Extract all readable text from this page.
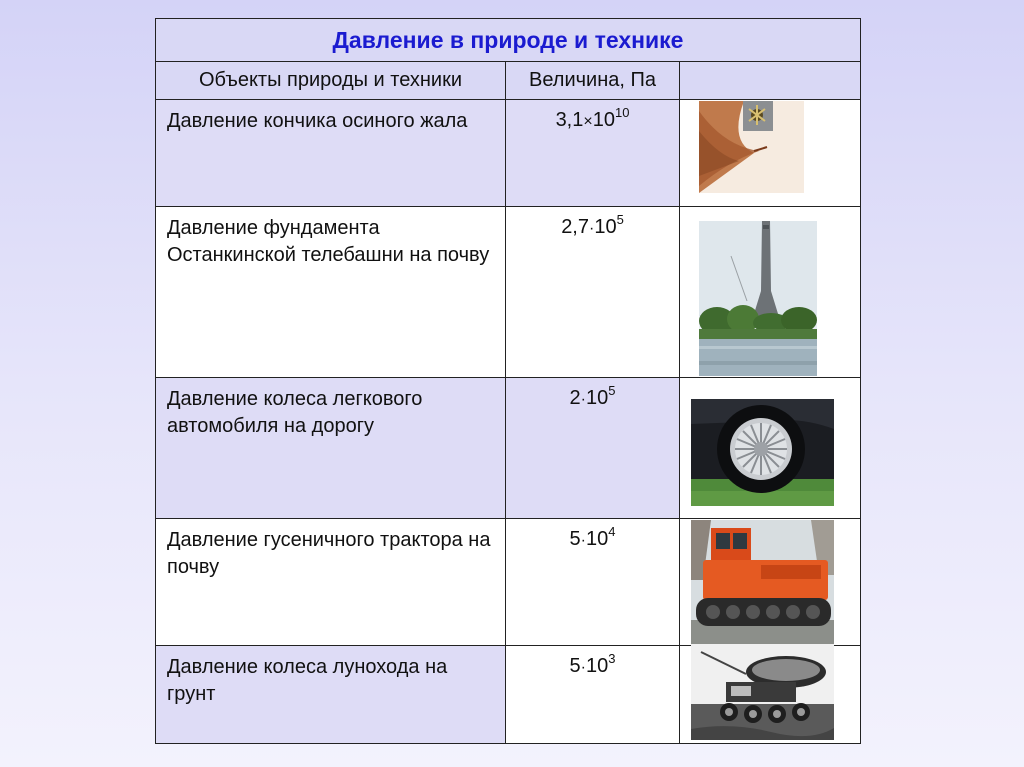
Давление в природе и технике		
Объекты природы и техники	Величина, Па	
Давление кончика осиного жала	$3,1\times 10^{10}$	

Давление фундамента Останкинской телебашни на почву	$2,7\cdot 10^5$	

Давление колеса легкового автомобиля на дорогу	$2\cdot 10^5$	

Давление гусеничного трактора на почву	$5\cdot 10^4$	

Давление колеса лунохода на грунт	$5\cdot 10^3$	
